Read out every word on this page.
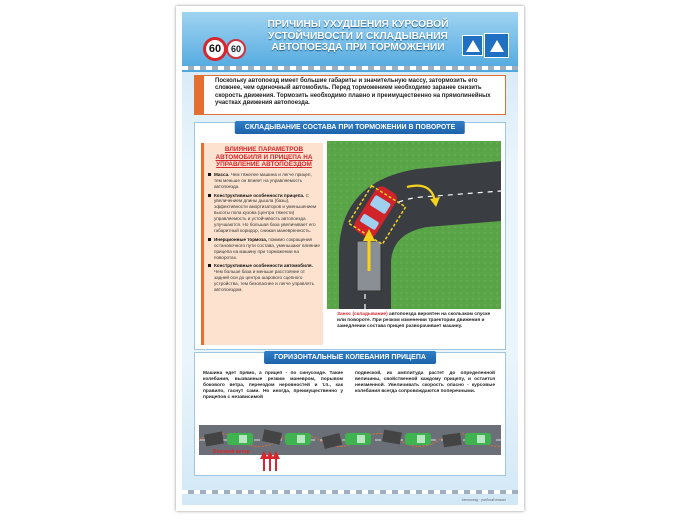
60 60
ПРИЧИНЫ УХУДШЕНИЯ КУРСОВОЙ УСТОЙЧИВОСТИ И СКЛАДЫВАНИЯ АВТОПОЕЗДА ПРИ ТОРМОЖЕНИИ
Поскольку автопоезд имеет большие габариты и значительную массу, затормозить его сложнее, чем одиночный автомобиль. Перед торможением необходимо заранее снизить скорость движения. Тормозить необходимо плавно и преимущественно на прямолинейных участках движения автопоезда.
СКЛАДЫВАНИЕ СОСТАВА ПРИ ТОРМОЖЕНИИ В ПОВОРОТЕ
ВЛИЯНИЕ ПАРАМЕТРОВ АВТОМОБИЛЯ И ПРИЦЕПА НА УПРАВЛЕНИЕ АВТОПОЕЗДОМ
Масса. Чем тяжелее машина и легче прицеп, тем меньше он влияет на управляемость автопоезда.
Конструктивные особенности прицепа. С увеличением длины дышла (базы), эффективности амортизаторов и уменьшением высоты пола кузова (центра тяжести) управляемость и устойчивость автопоезда улучшаются. Но большая база увеличивает его габаритный коридор, снижая маневренность.
Инерционные тормоза, помимо сокращения остановочного пути состава, уменьшают влияние прицепа на машину при торможении на поворотах.
Конструктивные особенности автомобиля. Чем больше база и меньше расстояние от задней оси до центра шарового сцепного устройства, тем безопаснее и легче управлять автопоездом.
Занос (складывание) автопоезда вероятен на скользком спуске или повороте. При резком изменении траектории движения и замедлении состава прицеп разворачивает машину.
ГОРИЗОНТАЛЬНЫЕ КОЛЕБАНИЯ ПРИЦЕПА
Машина едет прямо, а прицеп - по синусоиде. Такие колебания, вызванные резким маневром, порывом бокового ветра, переездом неровностей и т.п., как правило, гаснут сами. Но иногда, преимущественно у прицепов с независимой
подвеской, их амплитуда растет до определенной величины, свойственной каждому прицепу, и остается неизменной. Увеличивать скорость опасно - курсовые колебания всегда сопровождаются поперечными.
Боковой ветер
Автопоезд · учебный плакат
